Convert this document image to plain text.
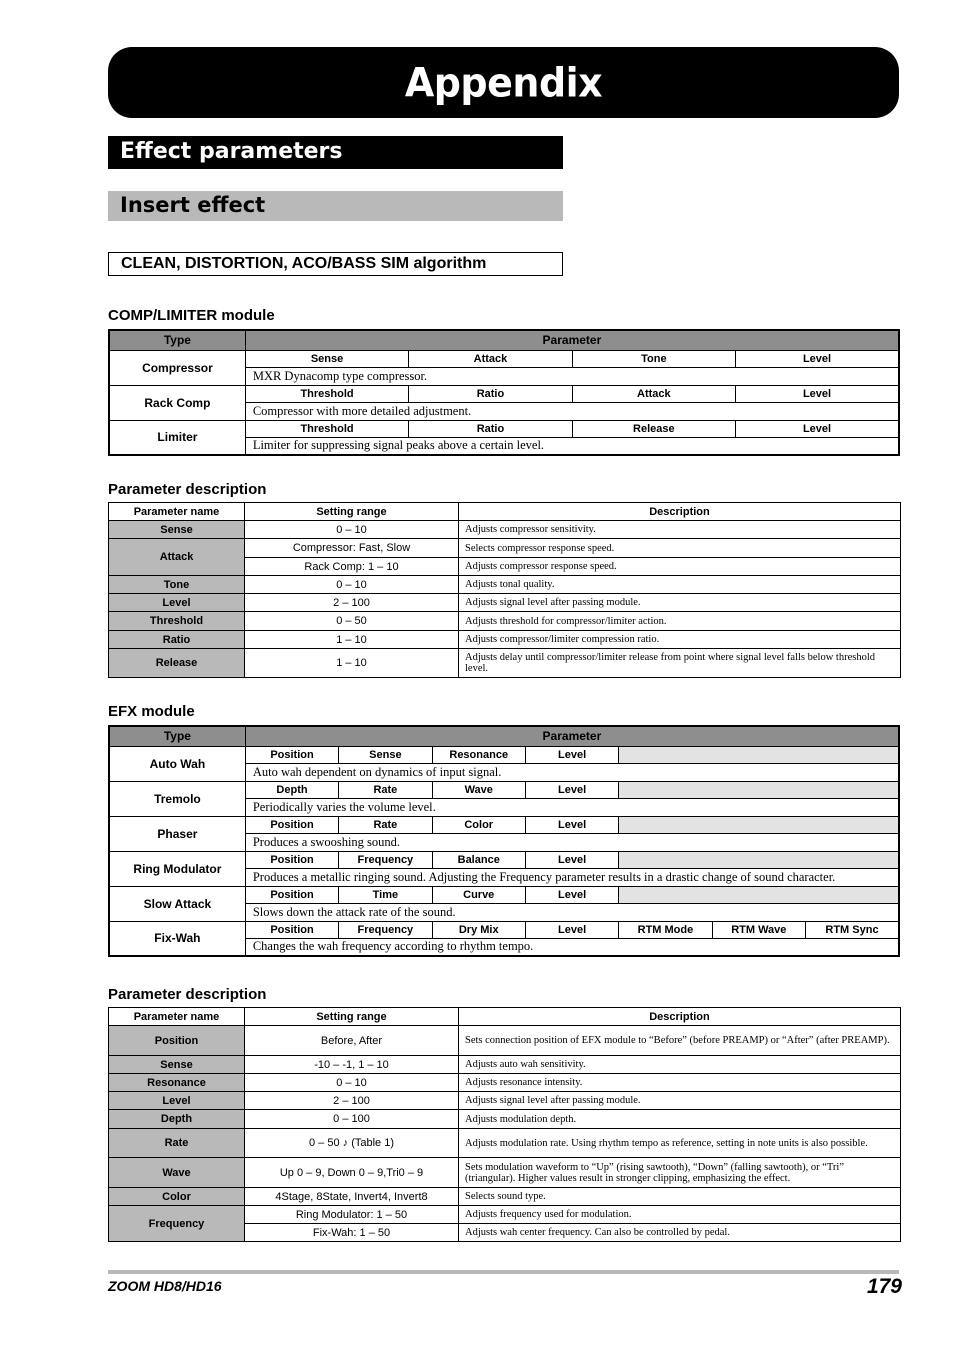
Appendix
Effect parameters
Insert effect
CLEAN, DISTORTION, ACO/BASS SIM algorithm
COMP/LIMITER module
Type	Parameter			
Compressor	Sense	Attack	Tone	Level
	MXR Dynacomp type compressor.			
Rack Comp	Threshold	Ratio	Attack	Level
	Compressor with more detailed adjustment.			
Limiter	Threshold	Ratio	Release	Level
	Limiter for suppressing signal peaks above a certain level.			
Parameter description
Parameter name	Setting range	Description
Sense	0 – 10	Adjusts compressor sensitivity.
Attack	Compressor: Fast, Slow	Selects compressor response speed.
	Rack Comp: 1 – 10	Adjusts compressor response speed.
Tone	0 – 10	Adjusts tonal quality.
Level	2 – 100	Adjusts signal level after passing module.
Threshold	0 – 50	Adjusts threshold for compressor/limiter action.
Ratio	1 – 10	Adjusts compressor/limiter compression ratio.
Release	1 – 10	Adjusts delay until compressor/limiter release from point where signal level falls below threshold level.
EFX module
Type	Parameter						
Auto Wah	Position	Sense	Resonance	Level			
	Auto wah dependent on dynamics of input signal.						
Tremolo	Depth	Rate	Wave	Level			
	Periodically varies the volume level.						
Phaser	Position	Rate	Color	Level			
	Produces a swooshing sound.						
Ring Modulator	Position	Frequency	Balance	Level			
	Produces a metallic ringing sound. Adjusting the Frequency parameter results in a drastic change of sound character.						
Slow Attack	Position	Time	Curve	Level			
	Slows down the attack rate of the sound.						
Fix-Wah	Position	Frequency	Dry Mix	Level	RTM Mode	RTM Wave	RTM Sync
	Changes the wah frequency according to rhythm tempo.						
Parameter description
Parameter name	Setting range	Description
Position	Before, After	Sets connection position of EFX module to “Before” (before PREAMP) or “After” (after PREAMP).
Sense	-10 – -1, 1 – 10	Adjusts auto wah sensitivity.
Resonance	0 – 10	Adjusts resonance intensity.
Level	2 – 100	Adjusts signal level after passing module.
Depth	0 – 100	Adjusts modulation depth.
Rate	0 – 50 ♪ (Table 1)	Adjusts modulation rate. Using rhythm tempo as reference, setting in note units is also possible.
Wave	Up 0 – 9, Down 0 – 9,Tri0 – 9	Sets modulation waveform to “Up” (rising sawtooth), “Down” (falling sawtooth), or “Tri” (triangular). Higher values result in stronger clipping, emphasizing the effect.
Color	4Stage, 8State, Invert4, Invert8	Selects sound type.
Frequency	Ring Modulator: 1 – 50	Adjusts frequency used for modulation.
	Fix-Wah: 1 – 50	Adjusts wah center frequency. Can also be controlled by pedal.
ZOOM HD8/HD16	179
